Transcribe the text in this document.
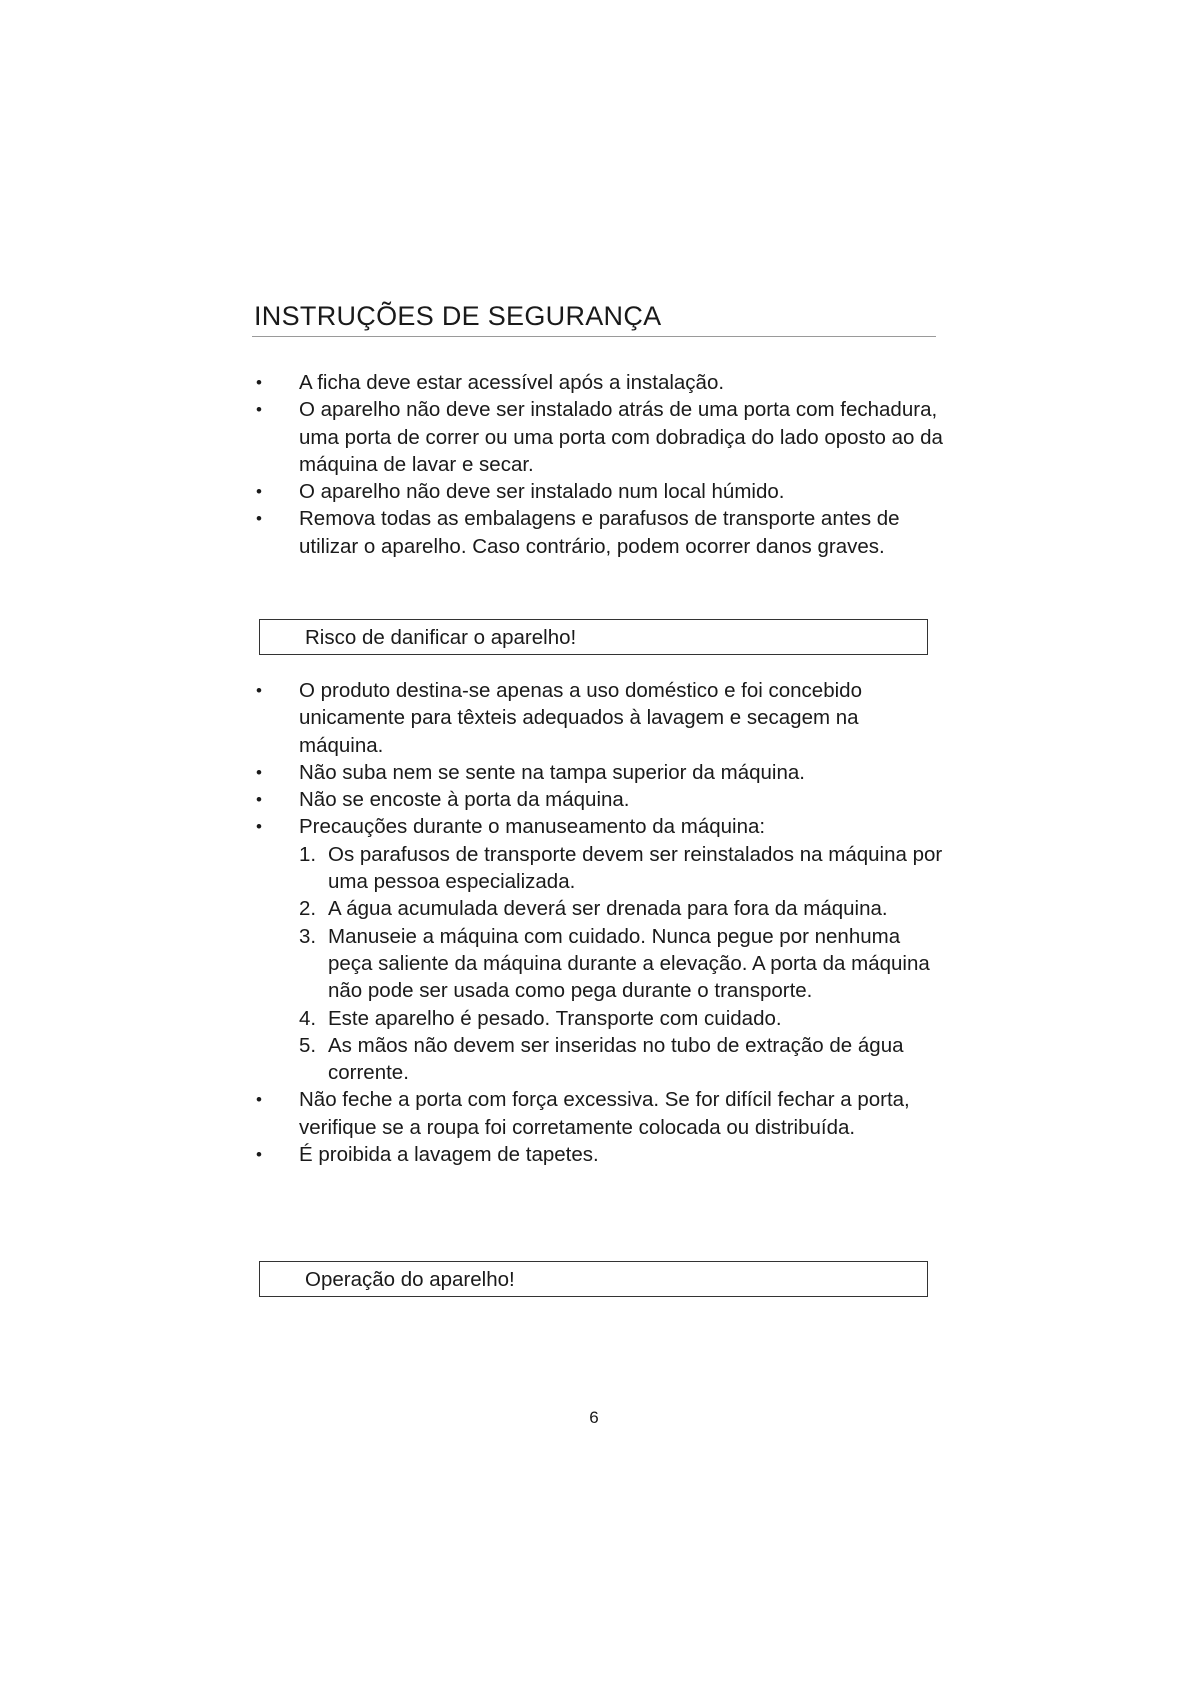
INSTRUÇÕES DE SEGURANÇA
•	A ficha deve estar acessível após a instalação.
•	O aparelho não deve ser instalado atrás de uma porta com fechadura, uma porta de correr ou uma porta com dobradiça do lado oposto ao da máquina de lavar e secar.
•	O aparelho não deve ser instalado num local húmido.
•	Remova todas as embalagens e parafusos de transporte antes de utilizar o aparelho. Caso contrário, podem ocorrer danos graves.
Risco de danificar o aparelho!
•	O produto destina-se apenas a uso doméstico e foi concebido unicamente para têxteis adequados à lavagem e secagem na máquina.
•	Não suba nem se sente na tampa superior da máquina.
•	Não se encoste à porta da máquina.
•	Precauções durante o manuseamento da máquina:
1. Os parafusos de transporte devem ser reinstalados na máquina por uma pessoa especializada.
2. A água acumulada deverá ser drenada para fora da máquina.
3. Manuseie a máquina com cuidado. Nunca pegue por nenhuma peça saliente da máquina durante a elevação. A porta da máquina não pode ser usada como pega durante o transporte.
4. Este aparelho é pesado. Transporte com cuidado.
5. As mãos não devem ser inseridas no tubo de extração de água corrente.
•	Não feche a porta com força excessiva. Se for difícil fechar a porta, verifique se a roupa foi corretamente colocada ou distribuída.
•	É proibida a lavagem de tapetes.
Operação do aparelho!

6
